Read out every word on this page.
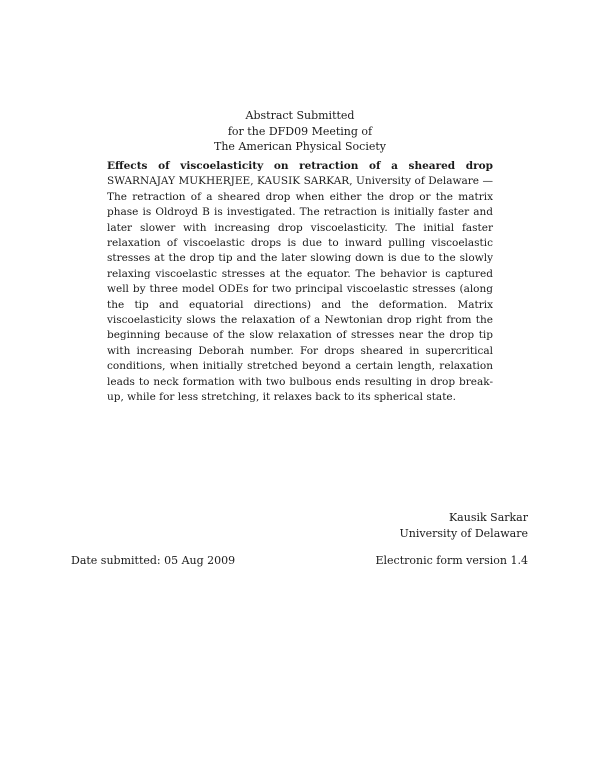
Abstract Submitted
for the DFD09 Meeting of
The American Physical Society
Effects of viscoelasticity on retraction of a sheared drop SWARNAJAY MUKHERJEE, KAUSIK SARKAR, University of Delaware — The retraction of a sheared drop when either the drop or the matrix phase is Oldroyd B is investigated. The retraction is initially faster and later slower with increasing drop viscoelasticity. The initial faster relaxation of viscoelastic drops is due to inward pulling viscoelastic stresses at the drop tip and the later slowing down is due to the slowly relaxing viscoelastic stresses at the equator. The behavior is captured well by three model ODEs for two principal viscoelastic stresses (along the tip and equatorial directions) and the deformation. Matrix viscoelasticity slows the relaxation of a Newtonian drop right from the beginning because of the slow relaxation of stresses near the drop tip with increasing Deborah number. For drops sheared in supercritical conditions, when initially stretched beyond a certain length, relaxation leads to neck formation with two bulbous ends resulting in drop break-up, while for less stretching, it relaxes back to its spherical state.
Kausik Sarkar
University of Delaware
Date submitted: 05 Aug 2009	Electronic form version 1.4
